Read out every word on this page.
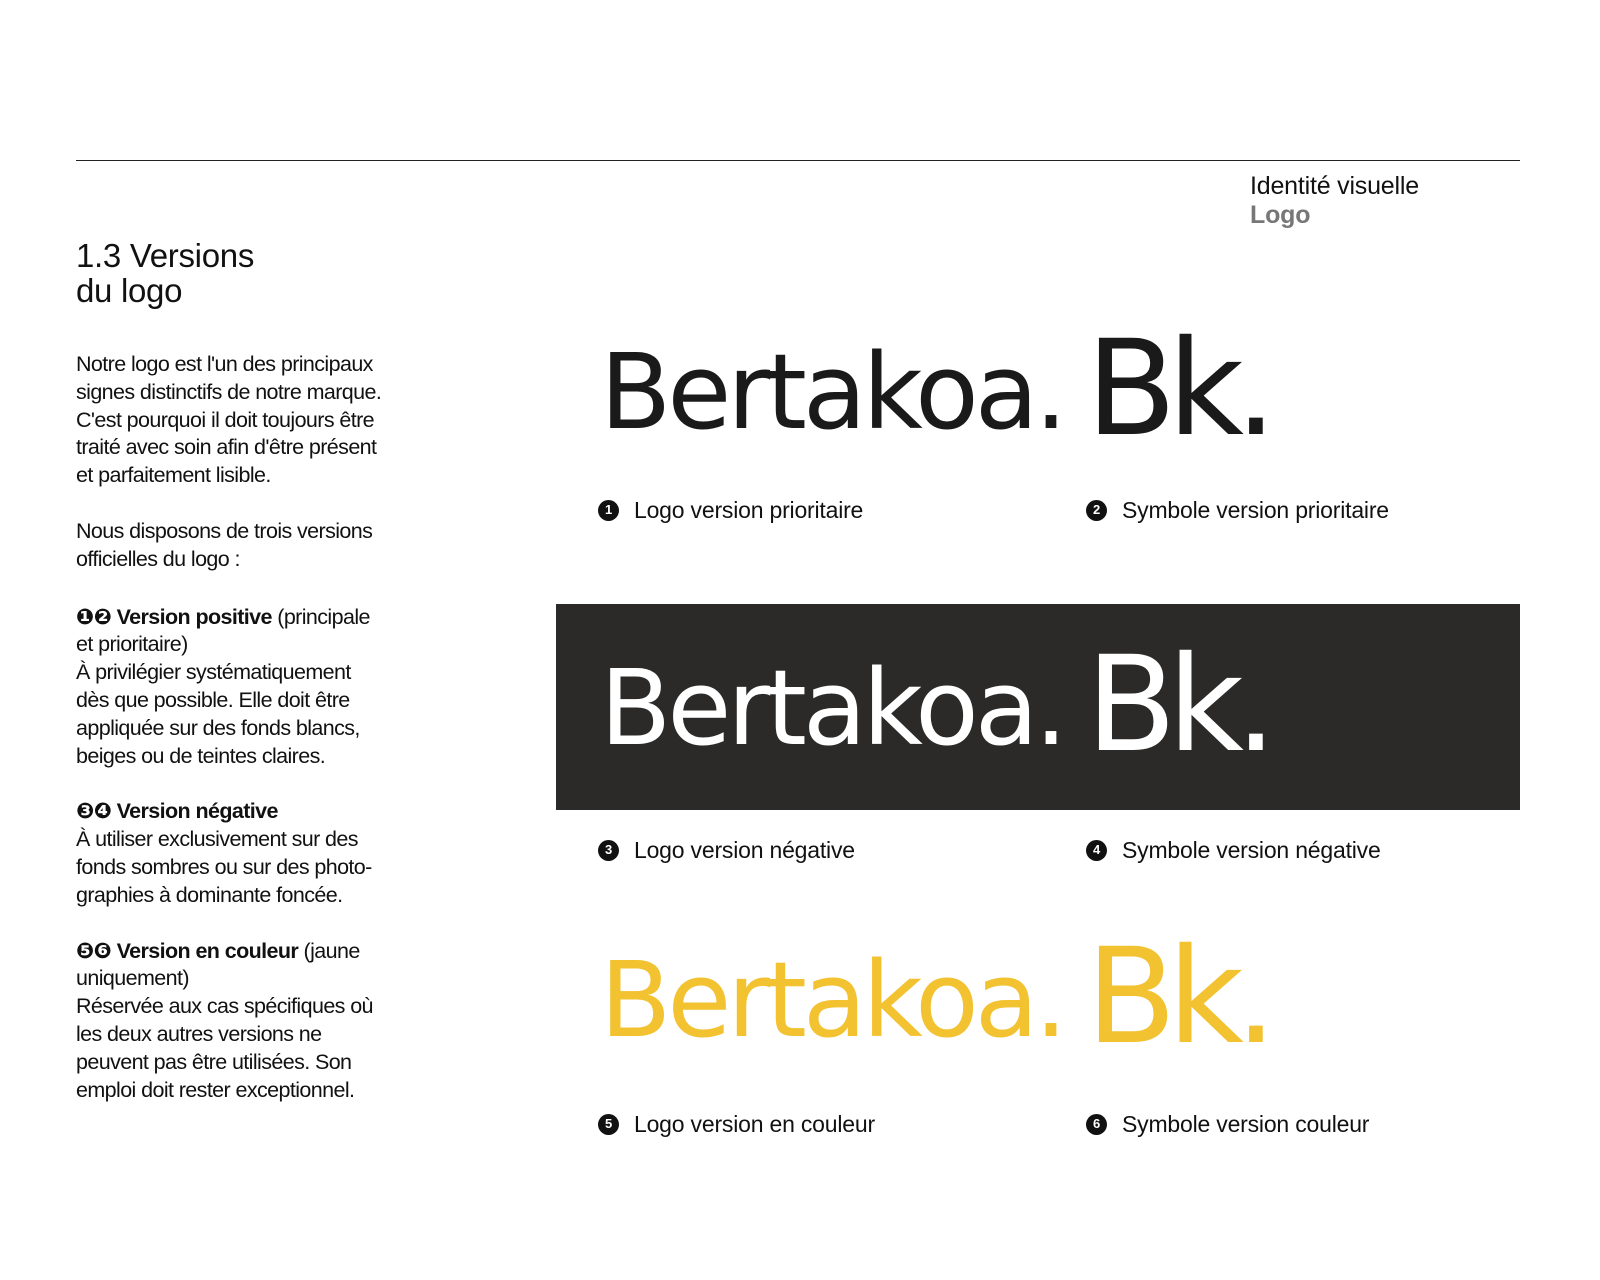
Identité visuelle
Logo
1.3 Versions
du logo

Notre logo est l'un des principaux
signes distinctifs de notre marque.
C'est pourquoi il doit toujours être
traité avec soin afin d'être présent
et parfaitement lisible.

Nous disposons de trois versions
officielles du logo :

❶❷ Version positive (principale
et prioritaire)
À privilégier systématiquement
dès que possible. Elle doit être
appliquée sur des fonds blancs,
beiges ou de teintes claires.
❸❹ Version négative
À utiliser exclusivement sur des
fonds sombres ou sur des photo-
graphies à dominante foncée.
❺❻ Version en couleur (jaune
uniquement)
Réservée aux cas spécifiques où
les deux autres versions ne
peuvent pas être utilisées. Son
emploi doit rester exceptionnel.
Bertakoa. Bk.
1 Logo version prioritaire	2 Symbole version prioritaire
Bertakoa. Bk.
3 Logo version négative	4 Symbole version négative
Bertakoa. Bk.
5 Logo version en couleur	6 Symbole version couleur
